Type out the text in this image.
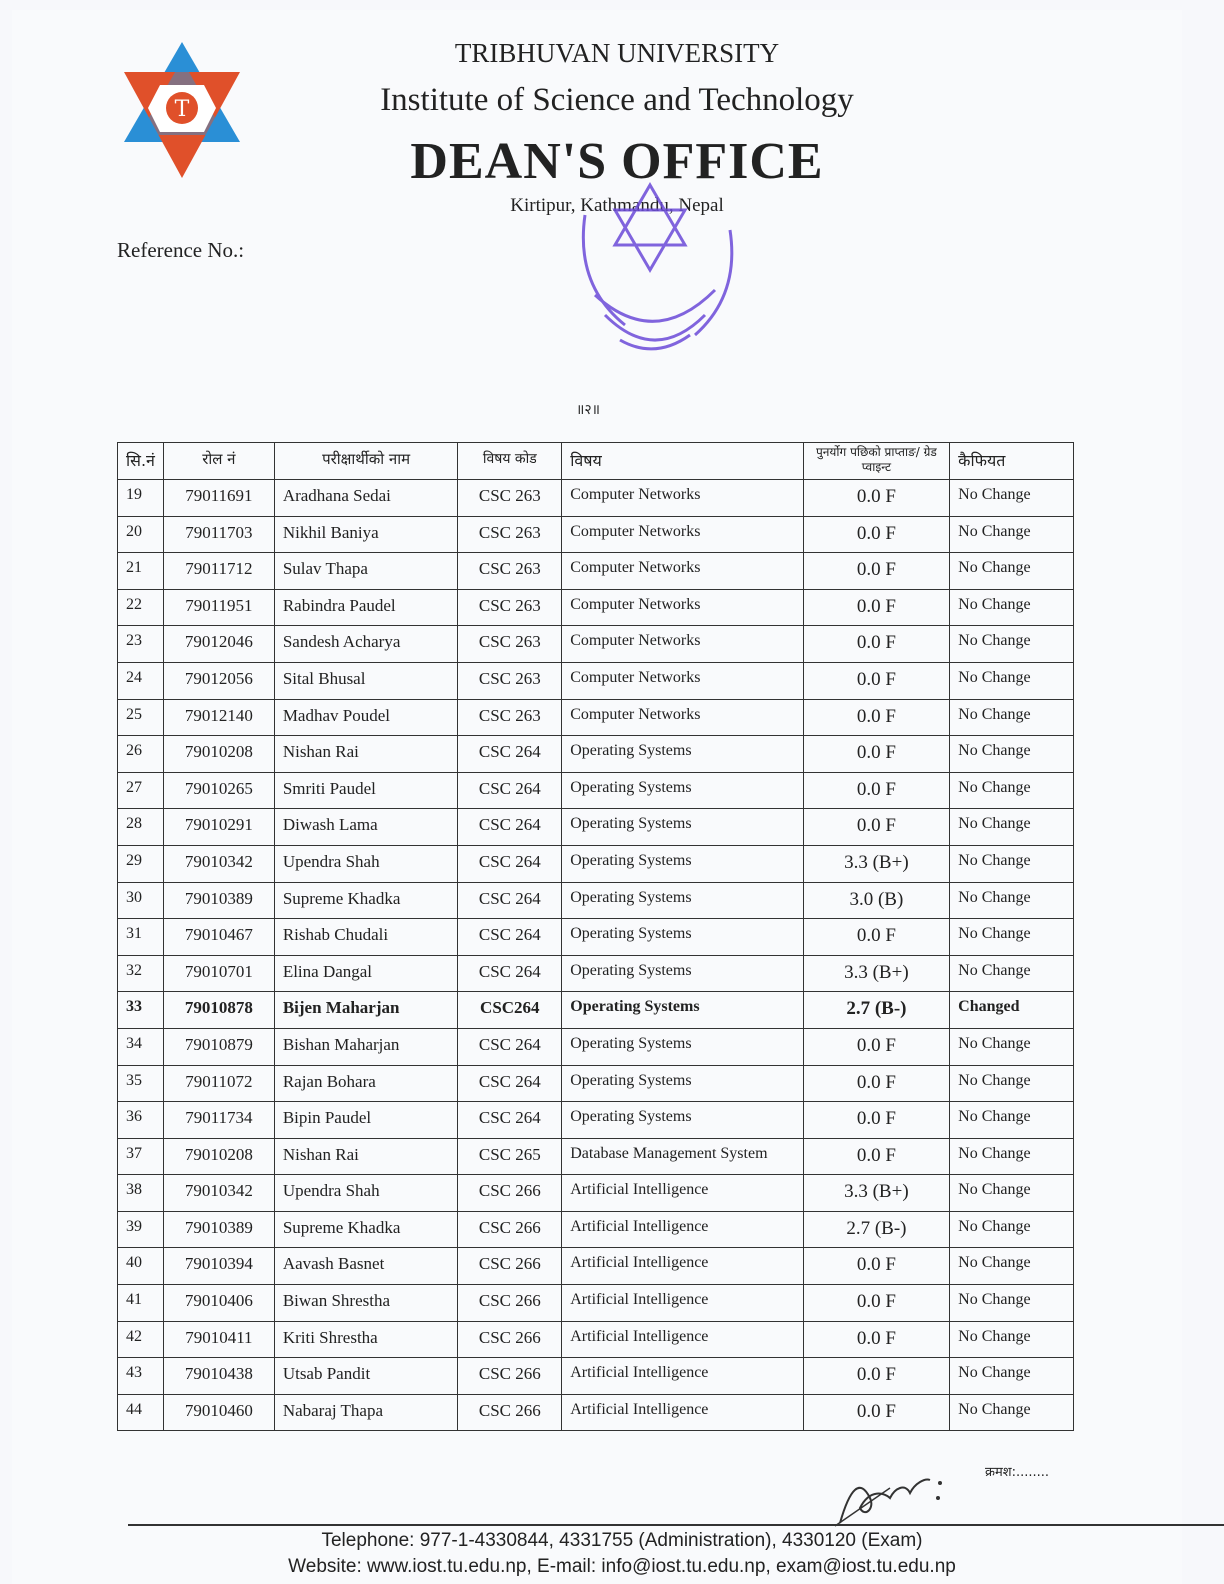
T
TRIBHUVAN UNIVERSITY
Institute of Science and Technology
DEAN'S OFFICE
Kirtipur, Kathmandu, Nepal
Reference No.:
॥२॥
सि.नं	रोल नं	परीक्षार्थीको नाम	विषय कोड	विषय	पुनर्योग पछिको प्राप्ताङ/ ग्रेड प्वाइन्ट	कैफियत
19	79011691	Aradhana Sedai	CSC 263	Computer Networks	0.0 F	No Change
20	79011703	Nikhil Baniya	CSC 263	Computer Networks	0.0 F	No Change
21	79011712	Sulav Thapa	CSC 263	Computer Networks	0.0 F	No Change
22	79011951	Rabindra Paudel	CSC 263	Computer Networks	0.0 F	No Change
23	79012046	Sandesh Acharya	CSC 263	Computer Networks	0.0 F	No Change
24	79012056	Sital Bhusal	CSC 263	Computer Networks	0.0 F	No Change
25	79012140	Madhav Poudel	CSC 263	Computer Networks	0.0 F	No Change
26	79010208	Nishan Rai	CSC 264	Operating Systems	0.0 F	No Change
27	79010265	Smriti Paudel	CSC 264	Operating Systems	0.0 F	No Change
28	79010291	Diwash Lama	CSC 264	Operating Systems	0.0 F	No Change
29	79010342	Upendra Shah	CSC 264	Operating Systems	3.3 (B+)	No Change
30	79010389	Supreme Khadka	CSC 264	Operating Systems	3.0 (B)	No Change
31	79010467	Rishab Chudali	CSC 264	Operating Systems	0.0 F	No Change
32	79010701	Elina Dangal	CSC 264	Operating Systems	3.3 (B+)	No Change
33	79010878	Bijen Maharjan	CSC264	Operating Systems	2.7 (B-)	Changed
34	79010879	Bishan Maharjan	CSC 264	Operating Systems	0.0 F	No Change
35	79011072	Rajan Bohara	CSC 264	Operating Systems	0.0 F	No Change
36	79011734	Bipin Paudel	CSC 264	Operating Systems	0.0 F	No Change
37	79010208	Nishan Rai	CSC 265	Database Management System	0.0 F	No Change
38	79010342	Upendra Shah	CSC 266	Artificial Intelligence	3.3 (B+)	No Change
39	79010389	Supreme Khadka	CSC 266	Artificial Intelligence	2.7 (B-)	No Change
40	79010394	Aavash Basnet	CSC 266	Artificial Intelligence	0.0 F	No Change
41	79010406	Biwan Shrestha	CSC 266	Artificial Intelligence	0.0 F	No Change
42	79010411	Kriti Shrestha	CSC 266	Artificial Intelligence	0.0 F	No Change
43	79010438	Utsab Pandit	CSC 266	Artificial Intelligence	0.0 F	No Change
44	79010460	Nabaraj Thapa	CSC 266	Artificial Intelligence	0.0 F	No Change
क्रमश:........
Telephone: 977-1-4330844, 4331755 (Administration), 4330120 (Exam)
Website: www.iost.tu.edu.np, E-mail: info@iost.tu.edu.np, exam@iost.tu.edu.np
